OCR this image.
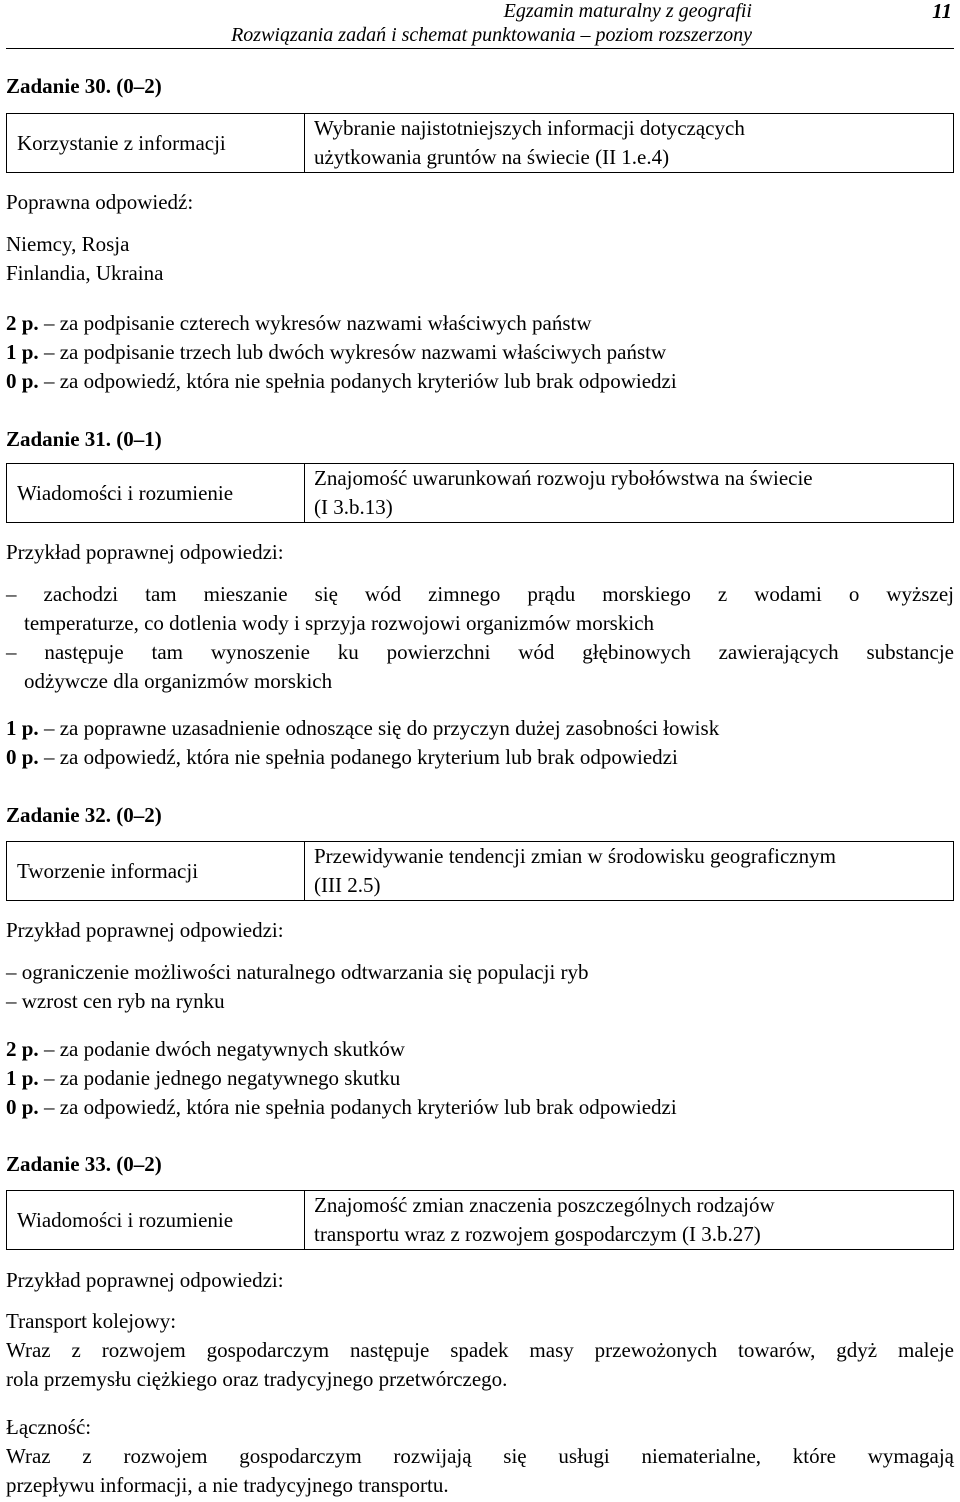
Egzamin maturalny z geografii
Rozwiązania zadań i schemat punktowania – poziom rozszerzony
11
Zadanie 30. (0–2)
Korzystanie z informacji
Wybranie najistotniejszych informacji dotyczących
użytkowania gruntów na świecie (II 1.e.4)
Poprawna odpowiedź:
Niemcy, Rosja
Finlandia, Ukraina
2 p. – za podpisanie czterech wykresów nazwami właściwych państw
1 p. – za podpisanie trzech lub dwóch wykresów nazwami właściwych państw
0 p. – za odpowiedź, która nie spełnia podanych kryteriów lub brak odpowiedzi
Zadanie 31. (0–1)
Wiadomości i rozumienie
Znajomość uwarunkowań rozwoju rybołówstwa na świecie
(I 3.b.13)
Przykład poprawnej odpowiedzi:
– zachodzi tam mieszanie się wód zimnego prądu morskiego z wodami o wyższej
temperaturze, co dotlenia wody i sprzyja rozwojowi organizmów morskich
– następuje tam wynoszenie ku powierzchni wód głębinowych zawierających substancje
odżywcze dla organizmów morskich
1 p. – za poprawne uzasadnienie odnoszące się do przyczyn dużej zasobności łowisk
0 p. – za odpowiedź, która nie spełnia podanego kryterium lub brak odpowiedzi
Zadanie 32. (0–2)
Tworzenie informacji
Przewidywanie tendencji zmian w środowisku geograficznym
(III 2.5)
Przykład poprawnej odpowiedzi:
– ograniczenie możliwości naturalnego odtwarzania się populacji ryb
– wzrost cen ryb na rynku
2 p. – za podanie dwóch negatywnych skutków
1 p. – za podanie jednego negatywnego skutku
0 p. – za odpowiedź, która nie spełnia podanych kryteriów lub brak odpowiedzi
Zadanie 33. (0–2)
Wiadomości i rozumienie
Znajomość zmian znaczenia poszczególnych rodzajów
transportu wraz z rozwojem gospodarczym (I 3.b.27)
Przykład poprawnej odpowiedzi:
Transport kolejowy:
Wraz z rozwojem gospodarczym następuje spadek masy przewożonych towarów, gdyż maleje
rola przemysłu ciężkiego oraz tradycyjnego przetwórczego.
Łączność:
Wraz z rozwojem gospodarczym rozwijają się usługi niematerialne, które wymagają
przepływu informacji, a nie tradycyjnego transportu.
